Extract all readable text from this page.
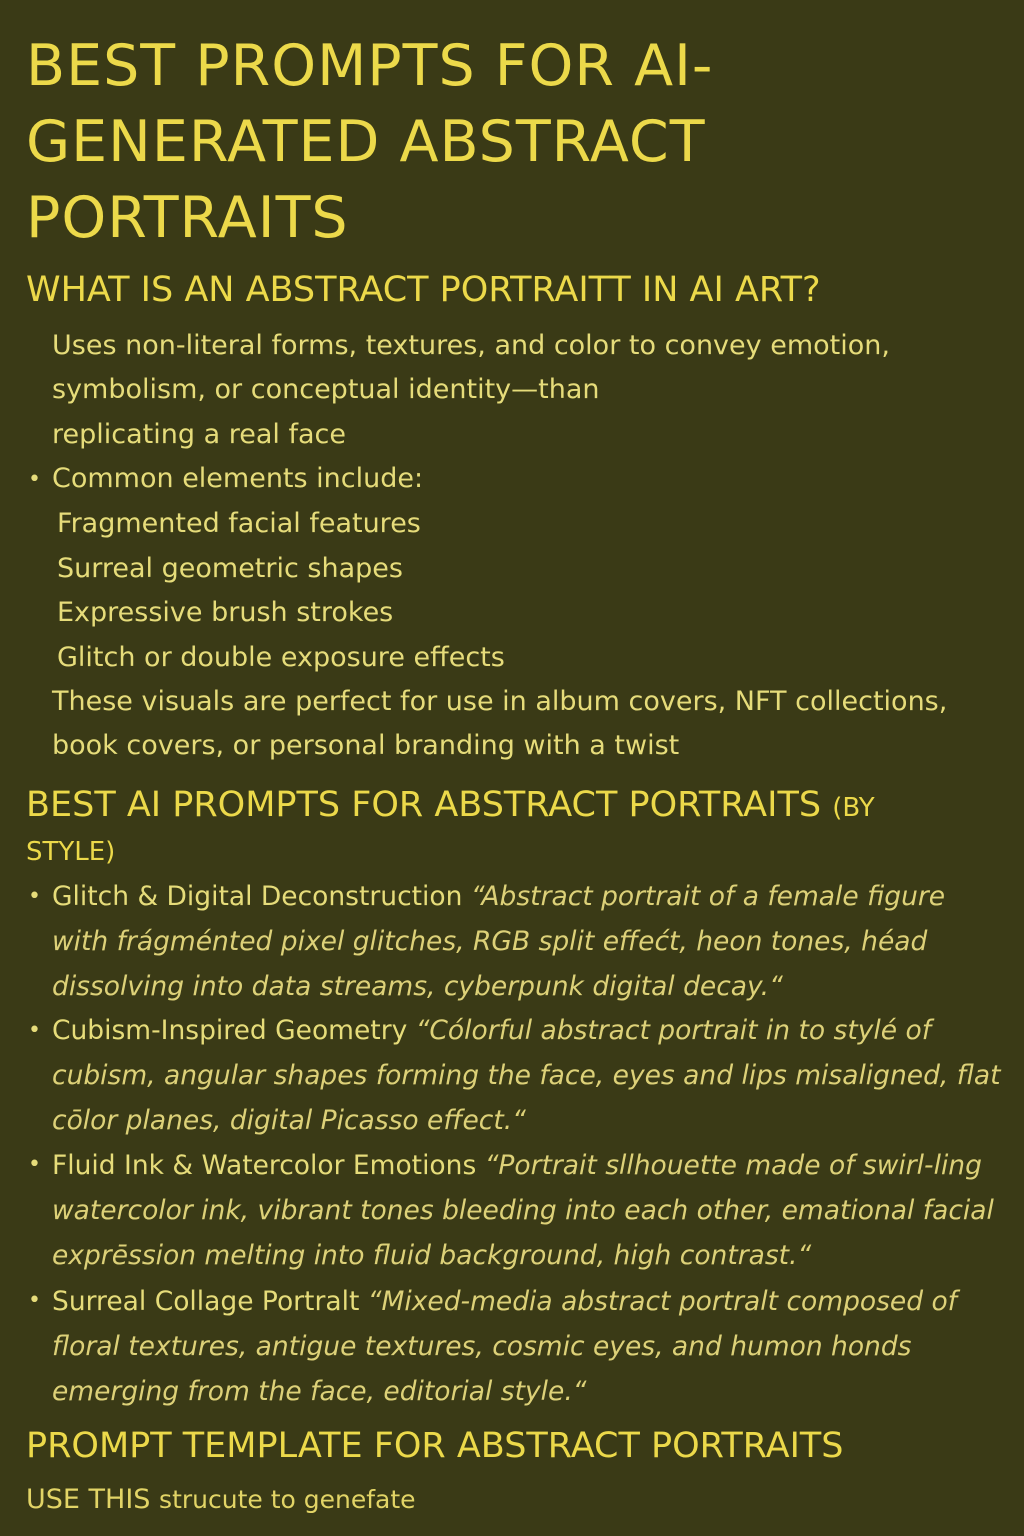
BEST PROMPTS FOR AI-GENERATED ABSTRACT PORTRAITS
WHAT IS AN ABSTRACT PORTRAITT IN AI ART?

Uses non-literal forms, textures, and color to convey emotion,

symbolism, or conceptual identity—than

replicating a real face

• Common elements include:

Fragmented facial features
Surreal geometric shapes
Expressive brush strokes
Glitch or double exposure effects

These visuals are perfect for use in album covers, NFT collections,

book covers, or personal branding with a twist

BEST AI PROMPTS FOR ABSTRACT PORTRAITS (BY
STYLE)
• Glitch & Digital Deconstruction “Abstract portrait of a female figure with frágménted pixel glitches, RGB split effećt, heon tones, héad dissolving into data streams, cyberpunk digital decay.“
• Cubism-Inspired Geometry “Cólorful abstract portrait in to stylé of cubism, angular shapes forming the face, eyes and lips misaligned, flat cōlor planes, digital Picasso effect.“
• Fluid Ink & Watercolor Emotions “Portrait sllhouette made of swirl-ling watercolor ink, vibrant tones bleeding into each other, emational facial exprēssion melting into fluid background, high contrast.“
• Surreal Collage Portralt “Mixed-media abstract portralt composed of floral textures, antigue textures, cosmic eyes, and humon honds emerging from the face, editorial style.“
PROMPT TEMPLATE FOR ABSTRACT PORTRAITS
USE THIS strucute to genefate
